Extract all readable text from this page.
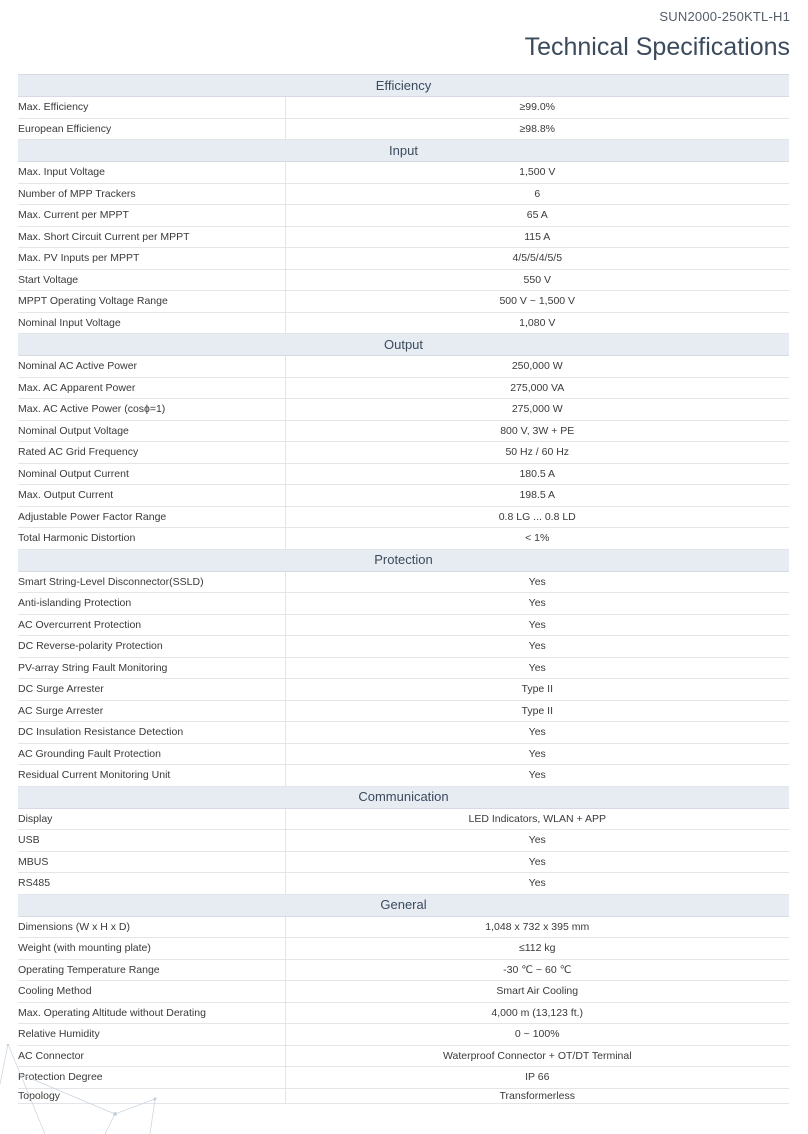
SUN2000-250KTL-H1
Technical Specifications
Efficiency	
Max. Efficiency	≥99.0%
European Efficiency	≥98.8%
Input	
Max. Input Voltage	1,500 V
Number of MPP Trackers	6
Max. Current per MPPT	65 A
Max. Short Circuit Current per MPPT	115 A
Max. PV Inputs per MPPT	4/5/5/4/5/5
Start Voltage	550 V
MPPT Operating Voltage Range	500 V ~ 1,500 V
Nominal Input Voltage	1,080 V
Output	
Nominal AC Active Power	250,000 W
Max. AC Apparent Power	275,000 VA
Max. AC Active Power (cosɸ=1)	275,000 W
Nominal Output Voltage	800 V, 3W + PE
Rated AC Grid Frequency	50 Hz / 60 Hz
Nominal Output Current	180.5 A
Max. Output Current	198.5 A
Adjustable Power Factor Range	0.8 LG ... 0.8 LD
Total Harmonic Distortion	< 1%
Protection	
Smart String-Level Disconnector(SSLD)	Yes
Anti-islanding Protection	Yes
AC Overcurrent Protection	Yes
DC Reverse-polarity Protection	Yes
PV-array String Fault Monitoring	Yes
DC Surge Arrester	Type II
AC Surge Arrester	Type II
DC Insulation Resistance Detection	Yes
AC Grounding Fault Protection	Yes
Residual Current Monitoring Unit	Yes
Communication	
Display	LED Indicators, WLAN + APP
USB	Yes
MBUS	Yes
RS485	Yes
General	
Dimensions (W x H x D)	1,048 x 732 x 395 mm
Weight (with mounting plate)	≤112 kg
Operating Temperature Range	-30 ℃ ~ 60 ℃
Cooling Method	Smart Air Cooling
Max. Operating Altitude without Derating	4,000 m (13,123 ft.)
Relative Humidity	0 ~ 100%
AC Connector	Waterproof Connector + OT/DT Terminal
Protection Degree	IP 66
Topology	Transformerless
